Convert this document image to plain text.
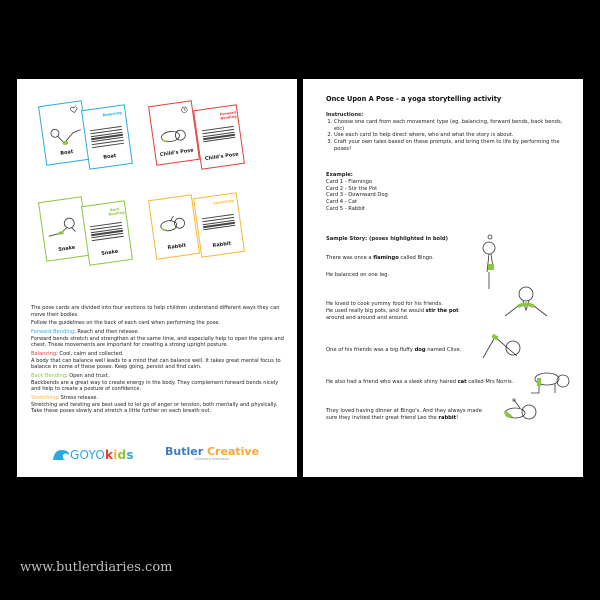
Boat
Balancing
Boat	Child's Pose
Forward Bending
Child's Pose
Snake
Back Bending
Snake
Rabbit
Stretching
Rabbit

The pose cards are divided into four sections to help children understand different ways they can move their bodies.

Follow the guidelines on the back of each card when performing the pose.

Forward Bending: Reach and then release.

Forward bends stretch and strengthen at the same time, and especially help to open the spine and chest. These movements are important for creating a strong upright posture.

Balancing: Cool, calm and collected.

A body that can balance well leads to a mind that can balance well. It takes great mental focus to balance in some of these poses. Keep going, persist and find calm.

Back Bending: Open and trust.

Backbends are a great way to create energy in the body. They complement forward bends nicely and help to create a posture of confidence.

Stretching: Stress release.

Stretching and twisting are best used to let go of anger or tension, both mentally and physically. Take these poses slowly and stretch a little further on each breath out.

GOYOkids	Butler Creative
childcare resources
Once Upon A Pose - a yoga storytelling activity
Instructions:
1. Choose one card from each movement type (eg. balancing, forward bends, back bends, etc)
2. Use each card to help direct where, who and what the story is about.
3. Craft your own tales based on these prompts, and bring them to life by performing the poses!
Example:
Card 1 - Flamingo
Card 2 - Stir the Pot
Card 3 - Downward Dog
Card 4 - Cat
Card 5 - Rabbit
Sample Story: (poses highlighted in bold)
There was once a flamingo called Bingo.
He balanced on one leg.
He loved to cook yummy food for his friends.
He used really big pots, and he would stir the pot
around and around and around.
One of his friends was a big fluffy dog named Clive.
He also had a friend who was a sleek shiny haired cat called Mrs Norris.
They loved having dinner at Bingo's. And they always made
sure they invited their great friend Leo the rabbit!
www.butlerdiaries.com
